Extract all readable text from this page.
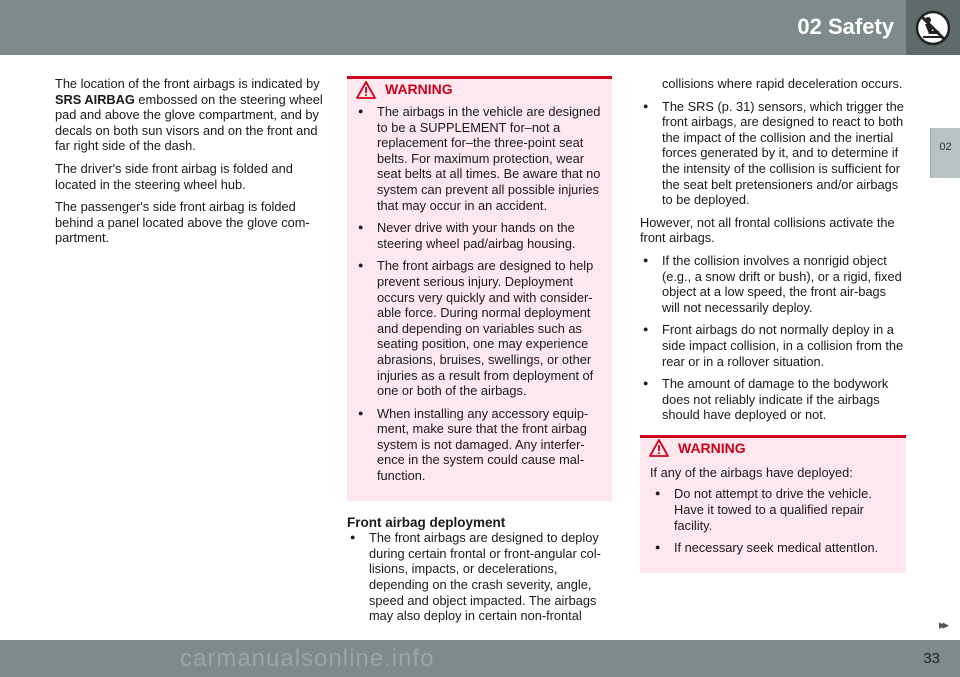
02 Safety
02

The location of the front airbags is indicated by SRS AIRBAG embossed on the steering wheel pad and above the glove compartment, and by decals on both sun visors and on the front and far right side of the dash.

The driver's side front airbag is folded and located in the steering wheel hub.

The passenger's side front airbag is folded behind a panel located above the glove com-partment.

WARNING
● The airbags in the vehicle are designed to be a SUPPLEMENT for–not a replacement for–the three-point seat belts. For maximum protection, wear seat belts at all times. Be aware that no system can prevent all possible injuries that may occur in an accident.
● Never drive with your hands on the steering wheel pad/airbag housing.
● The front airbags are designed to help prevent serious injury. Deployment occurs very quickly and with consider-able force. During normal deployment and depending on variables such as seating position, one may experience abrasions, bruises, swellings, or other injuries as a result from deployment of one or both of the airbags.
● When installing any accessory equip-ment, make sure that the front airbag system is not damaged. Any interfer-ence in the system could cause mal-function.
Front airbag deployment
● The front airbags are designed to deploy during certain frontal or front-angular col-lisions, impacts, or decelerations, depending on the crash severity, angle, speed and object impacted. The airbags may also deploy in certain non-frontal

collisions where rapid deceleration occurs.

● The SRS (p. 31) sensors, which trigger the front airbags, are designed to react to both the impact of the collision and the inertial forces generated by it, and to determine if the intensity of the collision is sufficient for the seat belt pretensioners and/or airbags to be deployed.

However, not all frontal collisions activate the front airbags.

● If the collision involves a nonrigid object (e.g., a snow drift or bush), or a rigid, fixed object at a low speed, the front air-bags will not necessarily deploy.
● Front airbags do not normally deploy in a side impact collision, in a collision from the rear or in a rollover situation.
● The amount of damage to the bodywork does not reliably indicate if the airbags should have deployed or not.
WARNING

If any of the airbags have deployed:

● Do not attempt to drive the vehicle. Have it towed to a qualified repair facility.
● If necessary seek medical attentIon.
▸▸
33
carmanualsonline.info
